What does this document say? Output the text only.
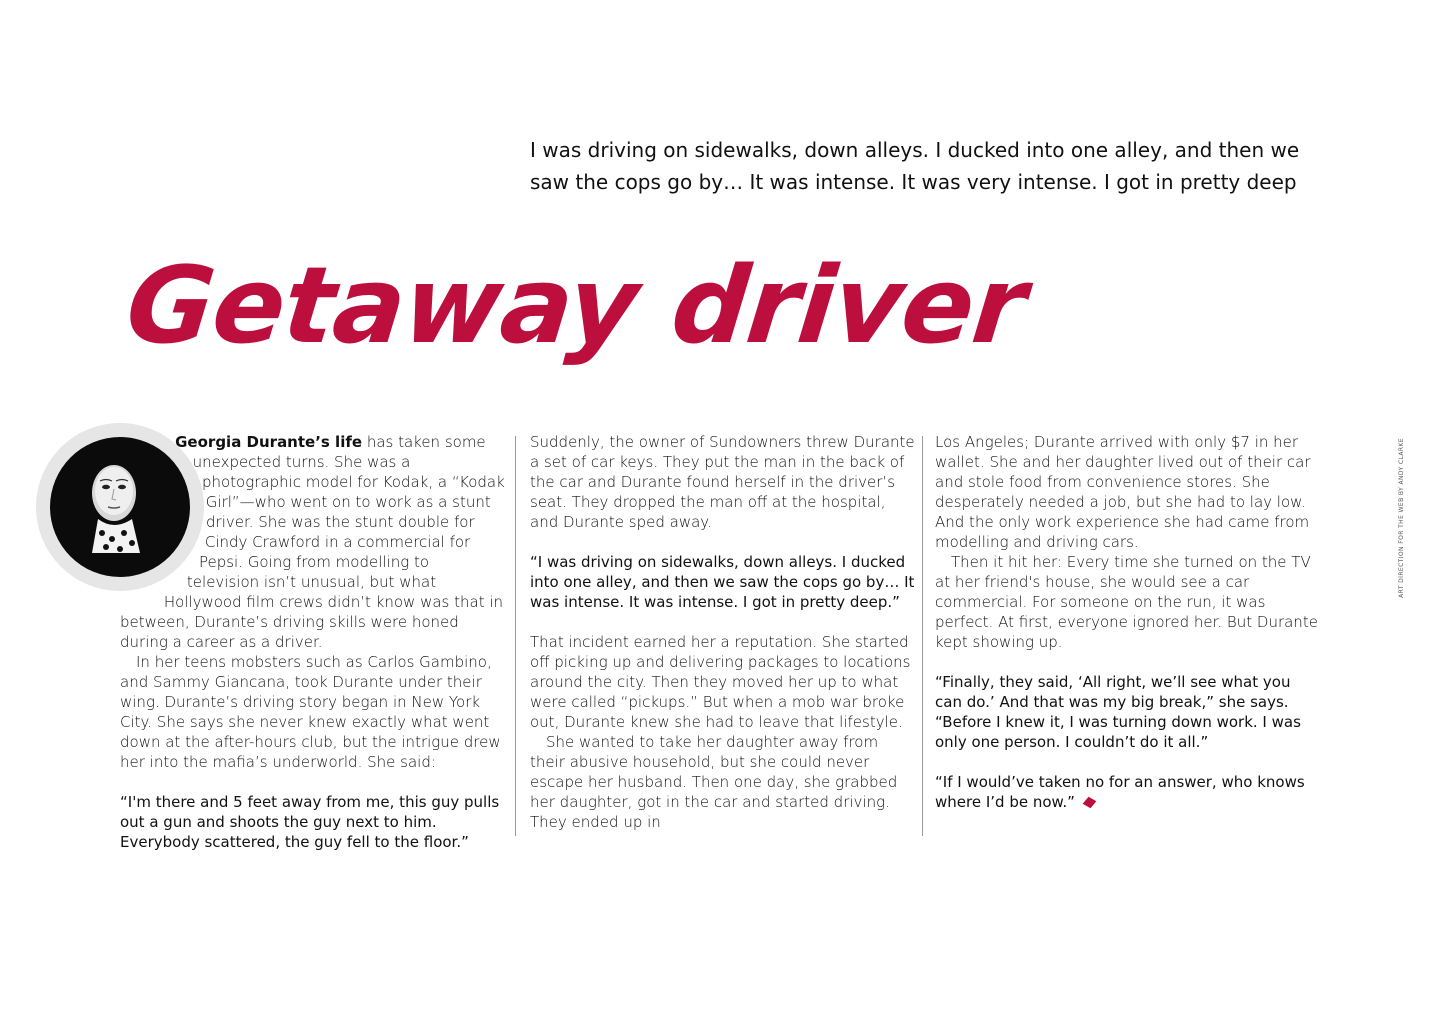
I was driving on sidewalks, down alleys. I ducked into one alley, and then we saw the cops go by… It was intense. It was very intense. I got in pretty deep

Getaway driver

Georgia Durante’s life has taken some unexpected turns. She was a photographic model for Kodak, a “Kodak Girl”—who went on to work as a stunt driver. She was the stunt double for Cindy Crawford in a commercial for Pepsi. Going from modelling to television isn’t unusual, but what Hollywood film crews didn’t know was that in between, Durante’s driving skills were honed during a career as a driver.

In her teens mobsters such as Carlos Gambino, and Sammy Giancana, took Durante under their wing. Durante’s driving story began in New York City. She says she never knew exactly what went down at the after-hours club, but the intrigue drew her into the mafia’s underworld. She said:

“I'm there and 5 feet away from me, this guy pulls out a gun and shoots the guy next to him. Everybody scattered, the guy fell to the floor.”

Suddenly, the owner of Sundowners threw Durante a set of car keys. They put the man in the back of the car and Durante found herself in the driver’s seat. They dropped the man off at the hospital, and Durante sped away.

“I was driving on sidewalks, down alleys. I ducked into one alley, and then we saw the cops go by… It was intense. It was intense. I got in pretty deep.”

That incident earned her a reputation. She started off picking up and delivering packages to locations around the city. Then they moved her up to what were called “pickups.” But when a mob war broke out, Durante knew she had to leave that lifestyle.

She wanted to take her daughter away from their abusive household, but she could never escape her husband. Then one day, she grabbed her daughter, got in the car and started driving. They ended up in

Los Angeles; Durante arrived with only $7 in her wallet. She and her daughter lived out of their car and stole food from convenience stores. She desperately needed a job, but she had to lay low. And the only work experience she had came from modelling and driving cars.

Then it hit her: Every time she turned on the TV at her friend's house, she would see a car commercial. For someone on the run, it was perfect. At first, everyone ignored her. But Durante kept showing up.

“Finally, they said, ‘All right, we’ll see what you can do.’ And that was my big break,” she says. “Before I knew it, I was turning down work. I was only one person. I couldn’t do it all.”

“If I would’ve taken no for an answer, who knows where I’d be now.”

ART DIRECTION FOR THE WEB BY ANDY CLARKE
